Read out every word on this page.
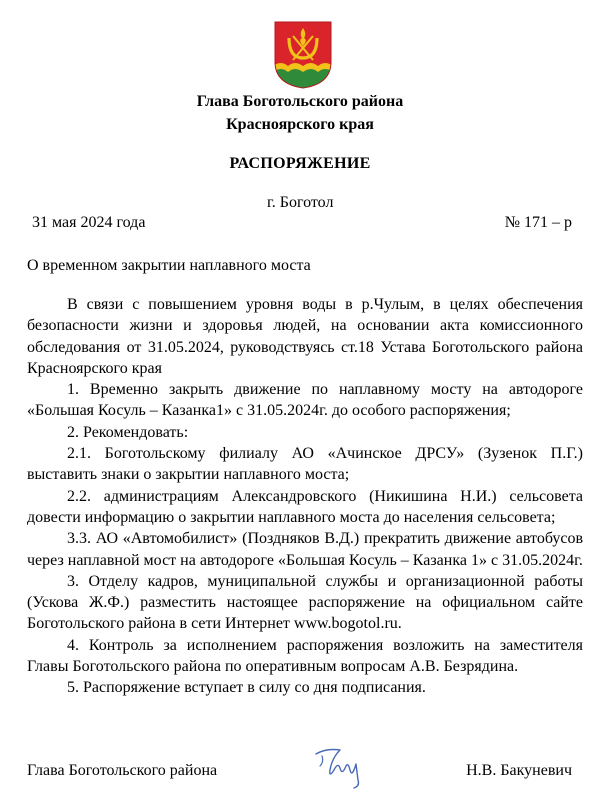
Глава Боготольского района
Красноярского края
РАСПОРЯЖЕНИЕ
г. Боготол
31 мая 2024 года	№ 171 – р
О временном закрытии наплавного моста

В связи с повышением уровня воды в р.Чулым, в целях обеспечения безопасности жизни и здоровья людей, на основании акта комиссионного обследования от 31.05.2024, руководствуясь ст.18 Устава Боготольского района Красноярского края

1. Временно закрыть движение по наплавному мосту на автодороге «Большая Косуль – Казанка1» с 31.05.2024г. до особого распоряжения;

2. Рекомендовать:

2.1. Боготольскому филиалу АО «Ачинское ДРСУ» (Зузенок П.Г.) выставить знаки о закрытии наплавного моста;

2.2. администрациям Александровского (Никишина Н.И.) сельсовета довести информацию о закрытии наплавного моста до населения сельсовета;

3.3. АО «Автомобилист» (Поздняков В.Д.) прекратить движение автобусов через наплавной мост на автодороге «Большая Косуль – Казанка 1» с 31.05.2024г.

3. Отделу кадров, муниципальной службы и организационной работы (Ускова Ж.Ф.) разместить настоящее распоряжение на официальном сайте Боготольского района в сети Интернет www.bogotol.ru.

4. Контроль за исполнением распоряжения возложить на заместителя Главы Боготольского района по оперативным вопросам А.В. Безрядина.

5. Распоряжение вступает в силу со дня подписания.

Глава Боготольского района	Н.В. Бакуневич
